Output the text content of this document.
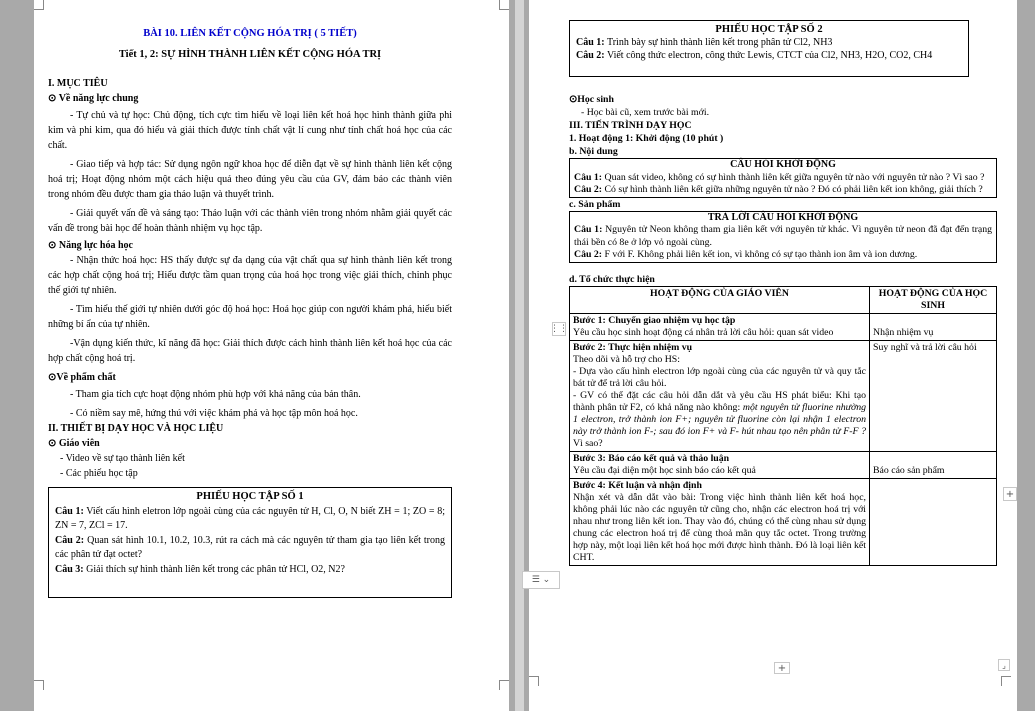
BÀI 10. LIÊN KẾT CỘNG HÓA TRỊ ( 5 TIẾT)
Tiết 1, 2: SỰ HÌNH THÀNH LIÊN KẾT CỘNG HÓA TRỊ
I. MỤC TIÊU
⊙ Về năng lực chung
- Tự chủ và tự học: Chủ động, tích cực tìm hiểu về loại liên kết hoá học hình thành giữa phi kim và phi kim, qua đó hiểu và giải thích được tính chất vật lí cung như tính chất hoá học của các chất.
- Giao tiếp và hợp tác: Sử dụng ngôn ngữ khoa học để diễn đạt về sự hình thành liên kết cộng hoá trị; Hoạt động nhóm một cách hiệu quả theo đúng yêu cầu của GV, đảm bảo các thành viên trong nhóm đều được tham gia thảo luận và thuyết trình.
- Giải quyết vấn đề và sáng tạo: Thảo luận với các thành viên trong nhóm nhằm giải quyết các vấn đề trong bài học để hoàn thành nhiệm vụ học tập.
⊙ Năng lực hóa học
- Nhận thức hoá học: HS thấy được sự đa dạng của vật chất qua sự hình thành liên kết trong các hợp chất cộng hoá trị; Hiểu được tầm quan trọng của hoá học trong việc giải thích, chinh phục thế giới tự nhiên.
- Tìm hiểu thế giới tự nhiên dưới góc độ hoá học: Hoá học giúp con người khám phá, hiểu biết những bí ẩn của tự nhiên.
-Vận dụng kiến thức, kĩ năng đã học: Giải thích được cách hình thành liên kết hoá học của các hợp chất cộng hoá trị.
⊙Về phẩm chất
- Tham gia tích cực hoạt động nhóm phù hợp với khả năng của bản thân.
- Có niềm say mê, hứng thú với việc khám phá và học tập môn hoá học.
II. THIẾT BỊ DẠY HỌC VÀ HỌC LIỆU
⊙ Giáo viên
- Video về sự tạo thành liên kết
- Các phiếu học tập
PHIẾU HỌC TẬP SỐ 1
Câu 1: Viết cấu hình eletron lớp ngoài cùng của các nguyên tử H, Cl, O, N biết ZH = 1; ZO = 8; ZN = 7, ZCl = 17.
Câu 2: Quan sát hình 10.1, 10.2, 10.3, rút ra cách mà các nguyên tử tham gia tạo liên kết trong các phân tử đạt octet?
Câu 3: Giải thích sự hình thành liên kết trong các phân tử HCl, O2, N2?
PHIẾU HỌC TẬP SỐ 2
Câu 1: Trình bày sự hình thành liên kết trong phân tử Cl2, NH3
Câu 2: Viết công thức electron, công thức Lewis, CTCT của Cl2, NH3, H2O, CO2, CH4
⊙Học sinh
- Học bài cũ, xem trước bài mới.
III. TIẾN TRÌNH DẠY HỌC
1. Hoạt động 1: Khởi động (10 phút )
b. Nội dung
CÂU HỎI KHỞI ĐỘNG
Câu 1: Quan sát video, không có sự hình thành liên kết giữa nguyên tử nào với nguyên tử nào ? Vì sao ?
Câu 2: Có sự hình thành liên kết giữa những nguyên tử nào ? Đó có phải liên kết ion không, giải thích ?
c. Sản phẩm
TRẢ LỜI CÂU HỎI KHỞI ĐỘNG
Câu 1: Nguyên tử Neon không tham gia liên kết với nguyên tử khác. Vì nguyên tử neon đã đạt đến trạng thái bền có 8e ở lớp vỏ ngoài cùng.
Câu 2: F với F. Không phải liên kết ion, vì không có sự tạo thành ion âm và ion dương.
d. Tổ chức thực hiện
HOẠT ĐỘNG CỦA GIÁO VIÊN	HOẠT ĐỘNG CỦA HỌC SINH

Bước 1: Chuyển giao nhiệm vụ học tập
Yêu cầu học sinh hoạt động cá nhân trả lời câu hỏi: quan sát video	Nhận nhiệm vụ

Bước 2: Thực hiện nhiệm vụ
Theo dõi và hỗ trợ cho HS:
- Dựa vào cấu hình electron lớp ngoài cùng của các nguyên tử và quy tắc bát tử để trả lời câu hỏi.
- GV có thể đặt các câu hỏi dẫn dắt và yêu cầu HS phát biểu: Khi tạo thành phân tử F2, có khả năng nào không: một nguyên tử fluorine nhường 1 electron, trở thành ion F+; nguyên tử fluorine còn lại nhận 1 electron này trở thành ion F-; sau đó ion F+ và F- hút nhau tạo nên phân tử F-F ? Vì sao?	Suy nghĩ và trả lời câu hỏi

Bước 3: Báo cáo kết quả và thảo luận
Yêu cầu đại diện một học sinh báo cáo kết quả	Báo cáo sản phẩm

Bước 4: Kết luận và nhận định
Nhận xét và dẫn dắt vào bài: Trong việc hình thành liên kết hoá học, không phải lúc nào các nguyên tử cũng cho, nhận các electron hoá trị với nhau như trong liên kết ion. Thay vào đó, chúng có thể cùng nhau sử dụng chung các electron hoá trị để cùng thoả mãn quy tắc octet. Trong trường hợp này, một loại liên kết hoá học mới được hình thành. Đó là loại liên kết CHT.	

⋮⋮
☰ ⌄
+
+	⌟
